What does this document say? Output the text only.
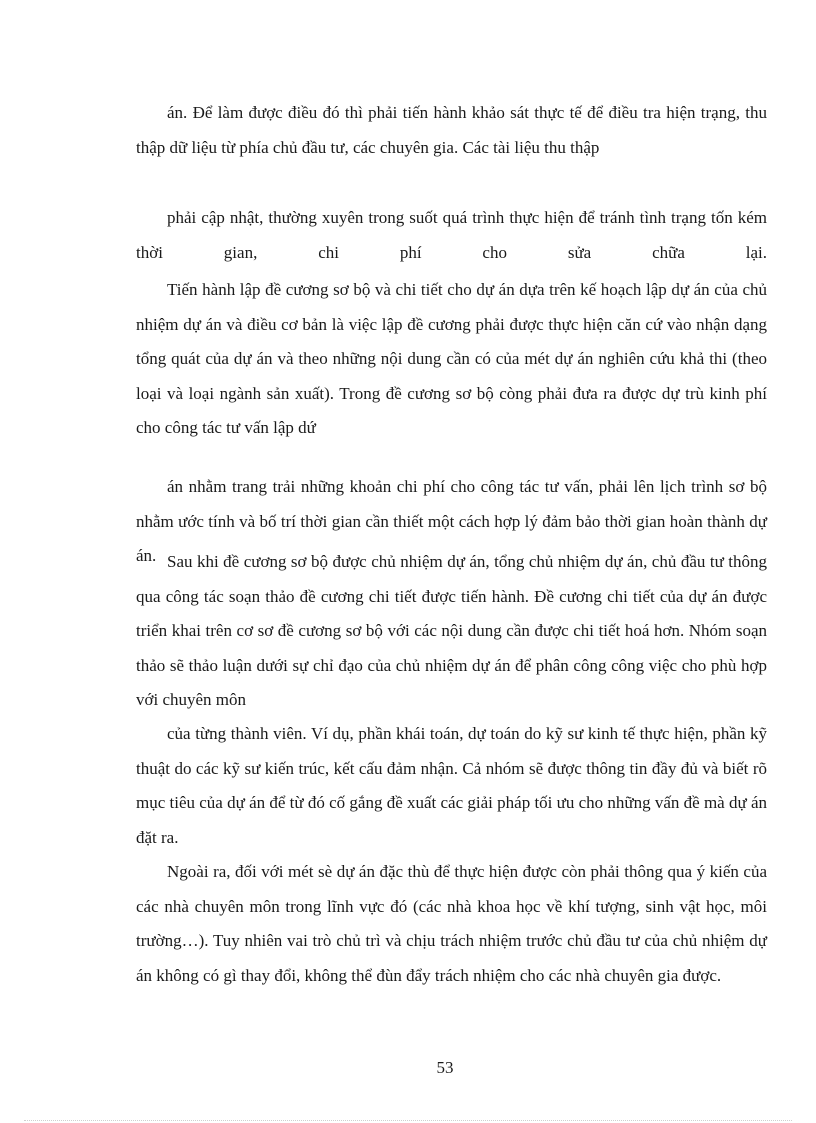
án. Để làm được điều đó thì phải tiến hành khảo sát thực tế để điều tra hiện trạng, thu thập dữ liệu từ phía chủ đầu tư, các chuyên gia. Các tài liệu thu thập

phải cập nhật, thường xuyên trong suốt quá trình thực hiện để tránh tình trạng tốn kém thời gian, chi phí cho sửa chữa lại.

Tiến hành lập đề cương sơ bộ và chi tiết cho dự án dựa trên kế hoạch lập dự án của chủ nhiệm dự án và điều cơ bản là việc lập đề cương phải được thực hiện căn cứ vào nhận dạng tổng quát của dự án và theo những nội dung cần có của mét dự án nghiên cứu khả thi (theo loại và loại ngành sản xuất). Trong đề cương sơ bộ còng phải đưa ra được dự trù kinh phí cho công tác tư vấn lập dứ

án nhằm trang trải những khoản chi phí cho công tác tư vấn, phải lên lịch trình sơ bộ nhằm ước tính và bố trí thời gian cần thiết một cách hợp lý đảm bảo thời gian hoàn thành dự án. Sau khi đề cương sơ bộ được chủ nhiệm dự án, tổng chủ nhiệm dự án, chủ đầu tư thông qua công tác soạn thảo đề cương chi tiết được tiến hành. Đề cương chi tiết của dự án được triển khai trên cơ sơ đề cương sơ bộ với các nội dung cần được chi tiết hoá hơn. Nhóm soạn thảo sẽ thảo luận dưới sự chỉ đạo của chủ nhiệm dự án để phân công công việc cho phù hợp với chuyên môn

của từng thành viên. Ví dụ, phần khái toán, dự toán do kỹ sư kinh tế thực hiện, phần kỹ thuật do các kỹ sư kiến trúc, kết cấu đảm nhận. Cả nhóm sẽ được thông tin đầy đủ và biết rõ mục tiêu của dự án để từ đó cố gắng đề xuất các giải pháp tối ưu cho những vấn đề mà dự án đặt ra.

Ngoài ra, đối với mét sè dự án đặc thù để thực hiện được còn phải thông qua ý kiến của các nhà chuyên môn trong lĩnh vực đó (các nhà khoa học về khí tượng, sinh vật học, môi trường…). Tuy nhiên vai trò chủ trì và chịu trách nhiệm trước chủ đầu tư của chủ nhiệm dự án không có gì thay đổi, không thể đùn đẩy trách nhiệm cho các nhà chuyên gia được.

53
